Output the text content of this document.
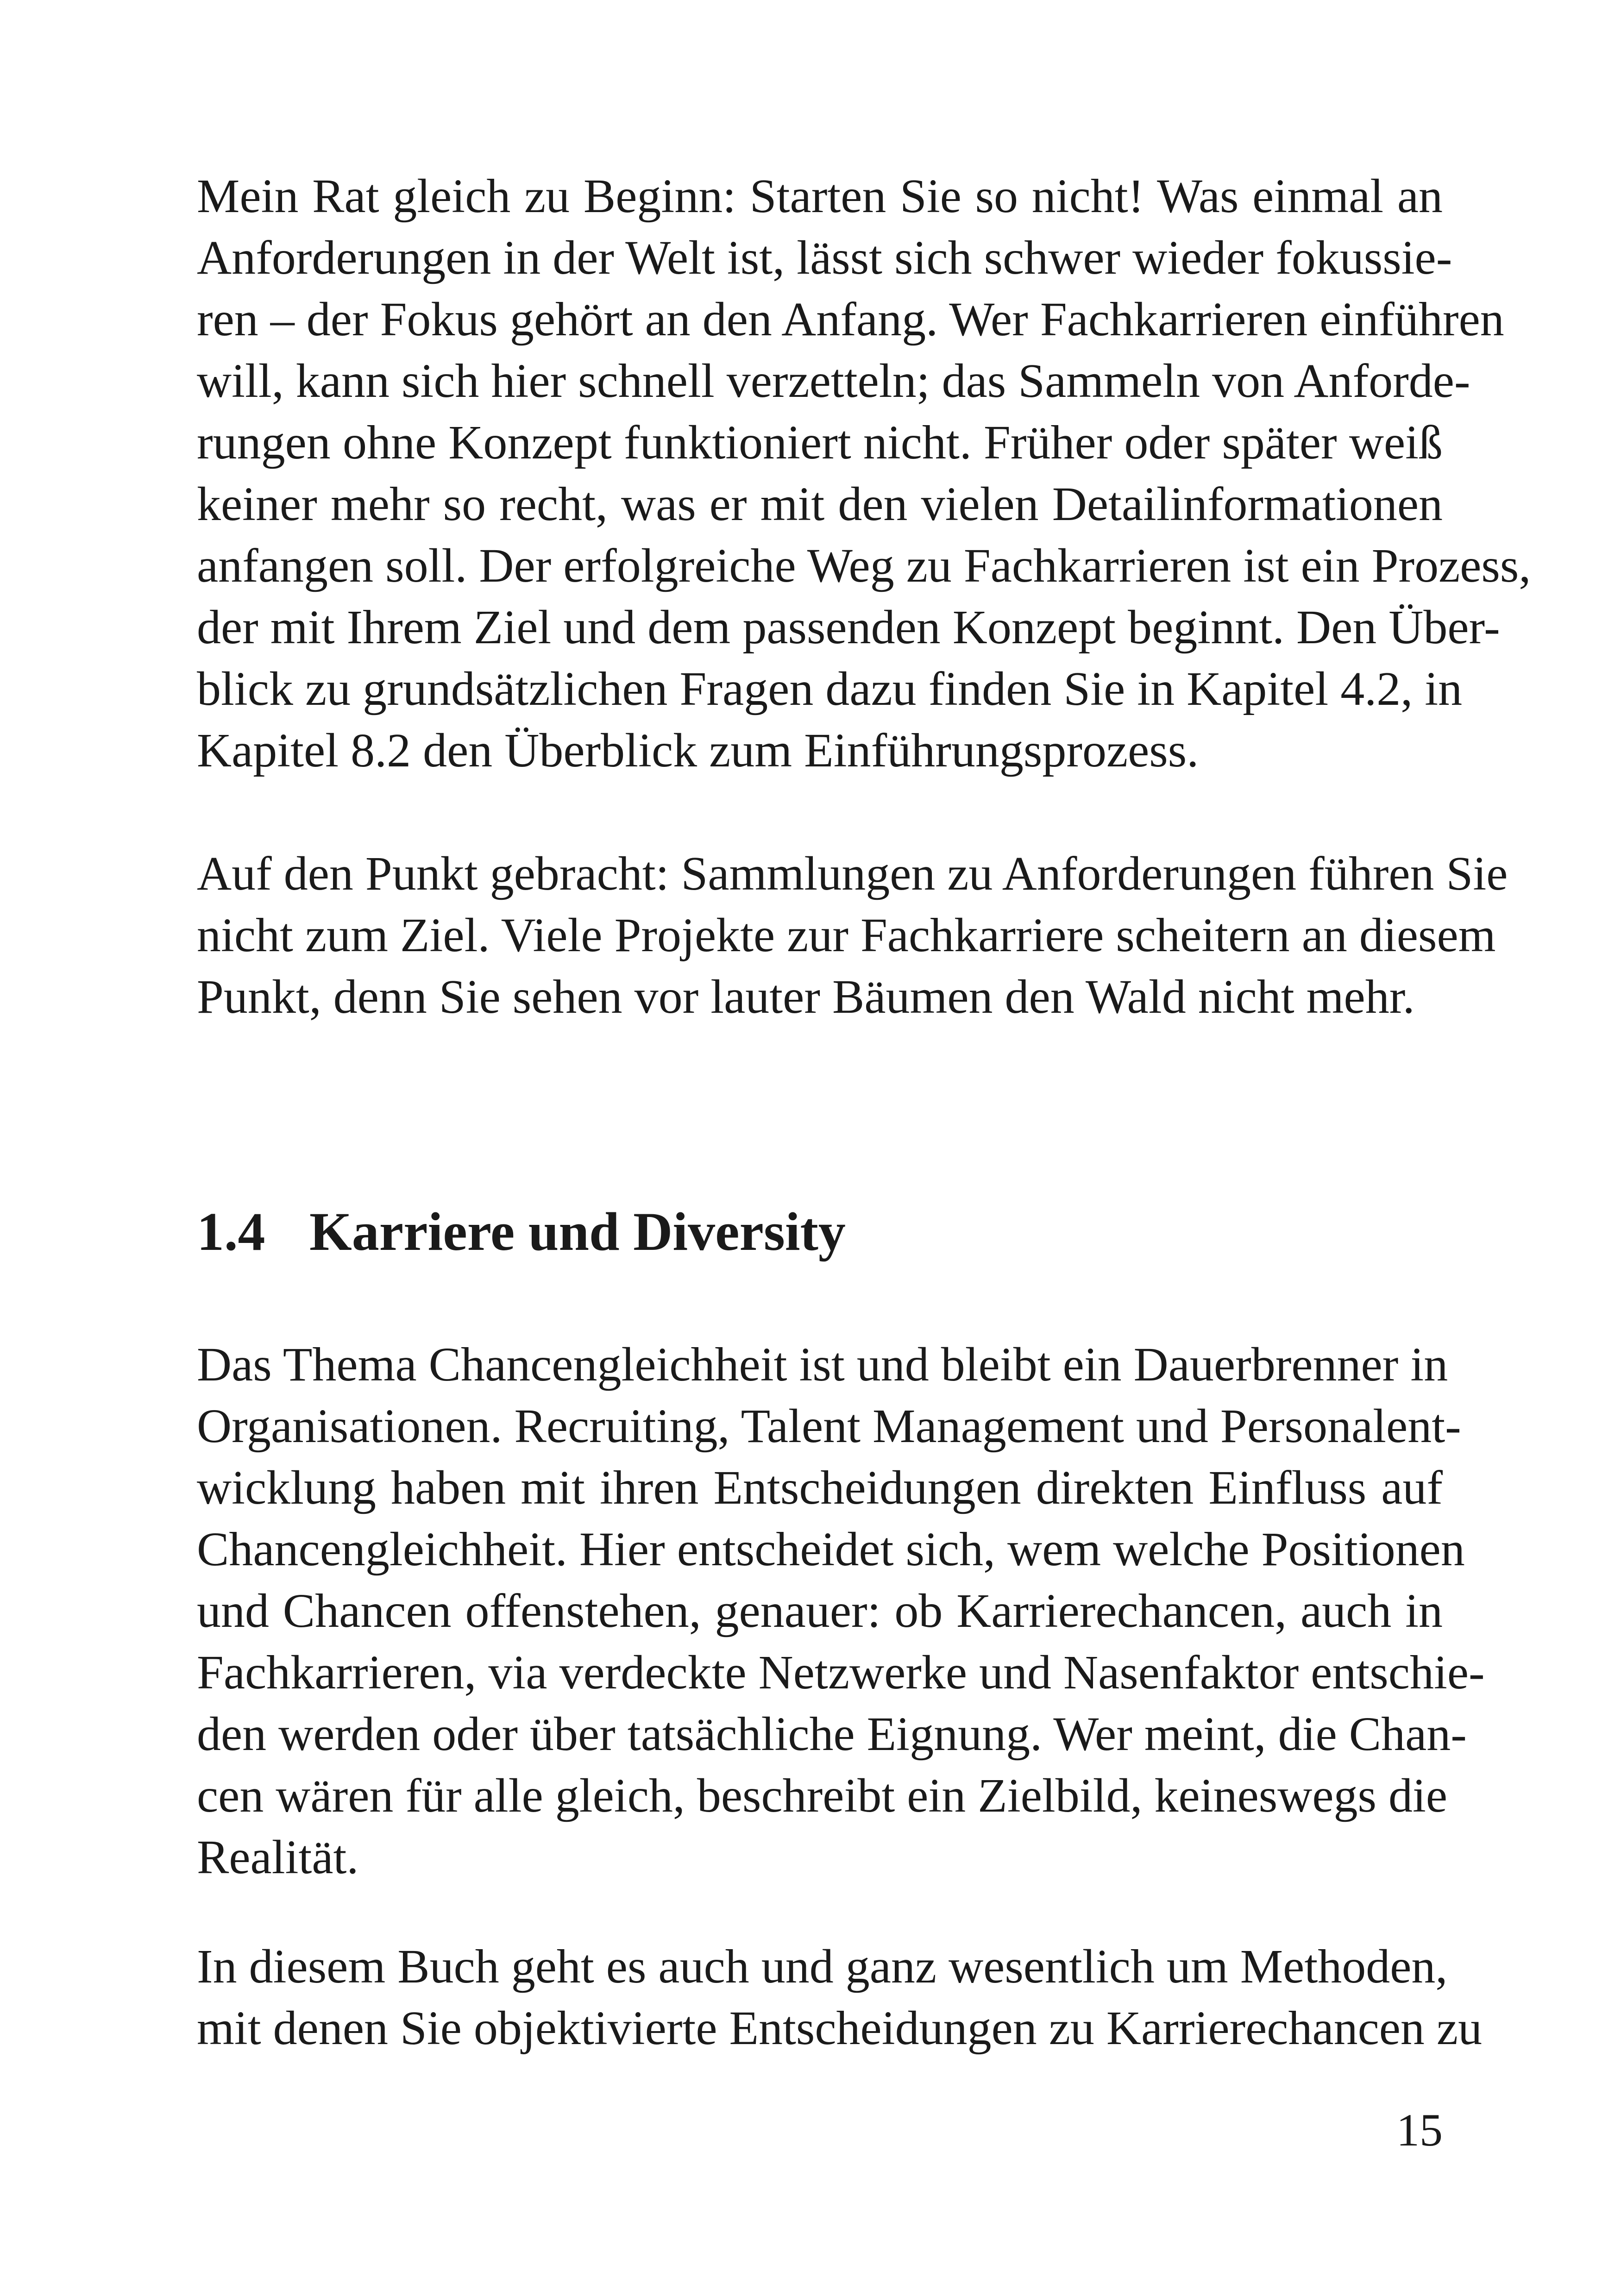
Mein Rat gleich zu Beginn: Starten Sie so nicht! Was einmal an
Anforderungen in der Welt ist, lässt sich schwer wieder fokussie-
ren – der Fokus gehört an den Anfang. Wer Fachkarrieren einführen
will, kann sich hier schnell verzetteln; das Sammeln von Anforde-
rungen ohne Konzept funktioniert nicht. Früher oder später weiß
keiner mehr so recht, was er mit den vielen Detailinformationen
anfangen soll. Der erfolgreiche Weg zu Fachkarrieren ist ein Prozess,
der mit Ihrem Ziel und dem passenden Konzept beginnt. Den Über-
blick zu grundsätzlichen Fragen dazu finden Sie in Kapitel 4.2, in
Kapitel 8.2 den Überblick zum Einführungsprozess.
Auf den Punkt gebracht: Sammlungen zu Anforderungen führen Sie
nicht zum Ziel. Viele Projekte zur Fachkarriere scheitern an diesem
Punkt, denn Sie sehen vor lauter Bäumen den Wald nicht mehr.
1.4 Karriere und Diversity
Das Thema Chancengleichheit ist und bleibt ein Dauerbrenner in
Organisationen. Recruiting, Talent Management und Personalent-
wicklung haben mit ihren Entscheidungen direkten Einfluss auf
Chancengleichheit. Hier entscheidet sich, wem welche Positionen
und Chancen offenstehen, genauer: ob Karrierechancen, auch in
Fachkarrieren, via verdeckte Netzwerke und Nasenfaktor entschie-
den werden oder über tatsächliche Eignung. Wer meint, die Chan-
cen wären für alle gleich, beschreibt ein Zielbild, keineswegs die
Realität.
In diesem Buch geht es auch und ganz wesentlich um Methoden,
mit denen Sie objektivierte Entscheidungen zu Karrierechancen zu

15
